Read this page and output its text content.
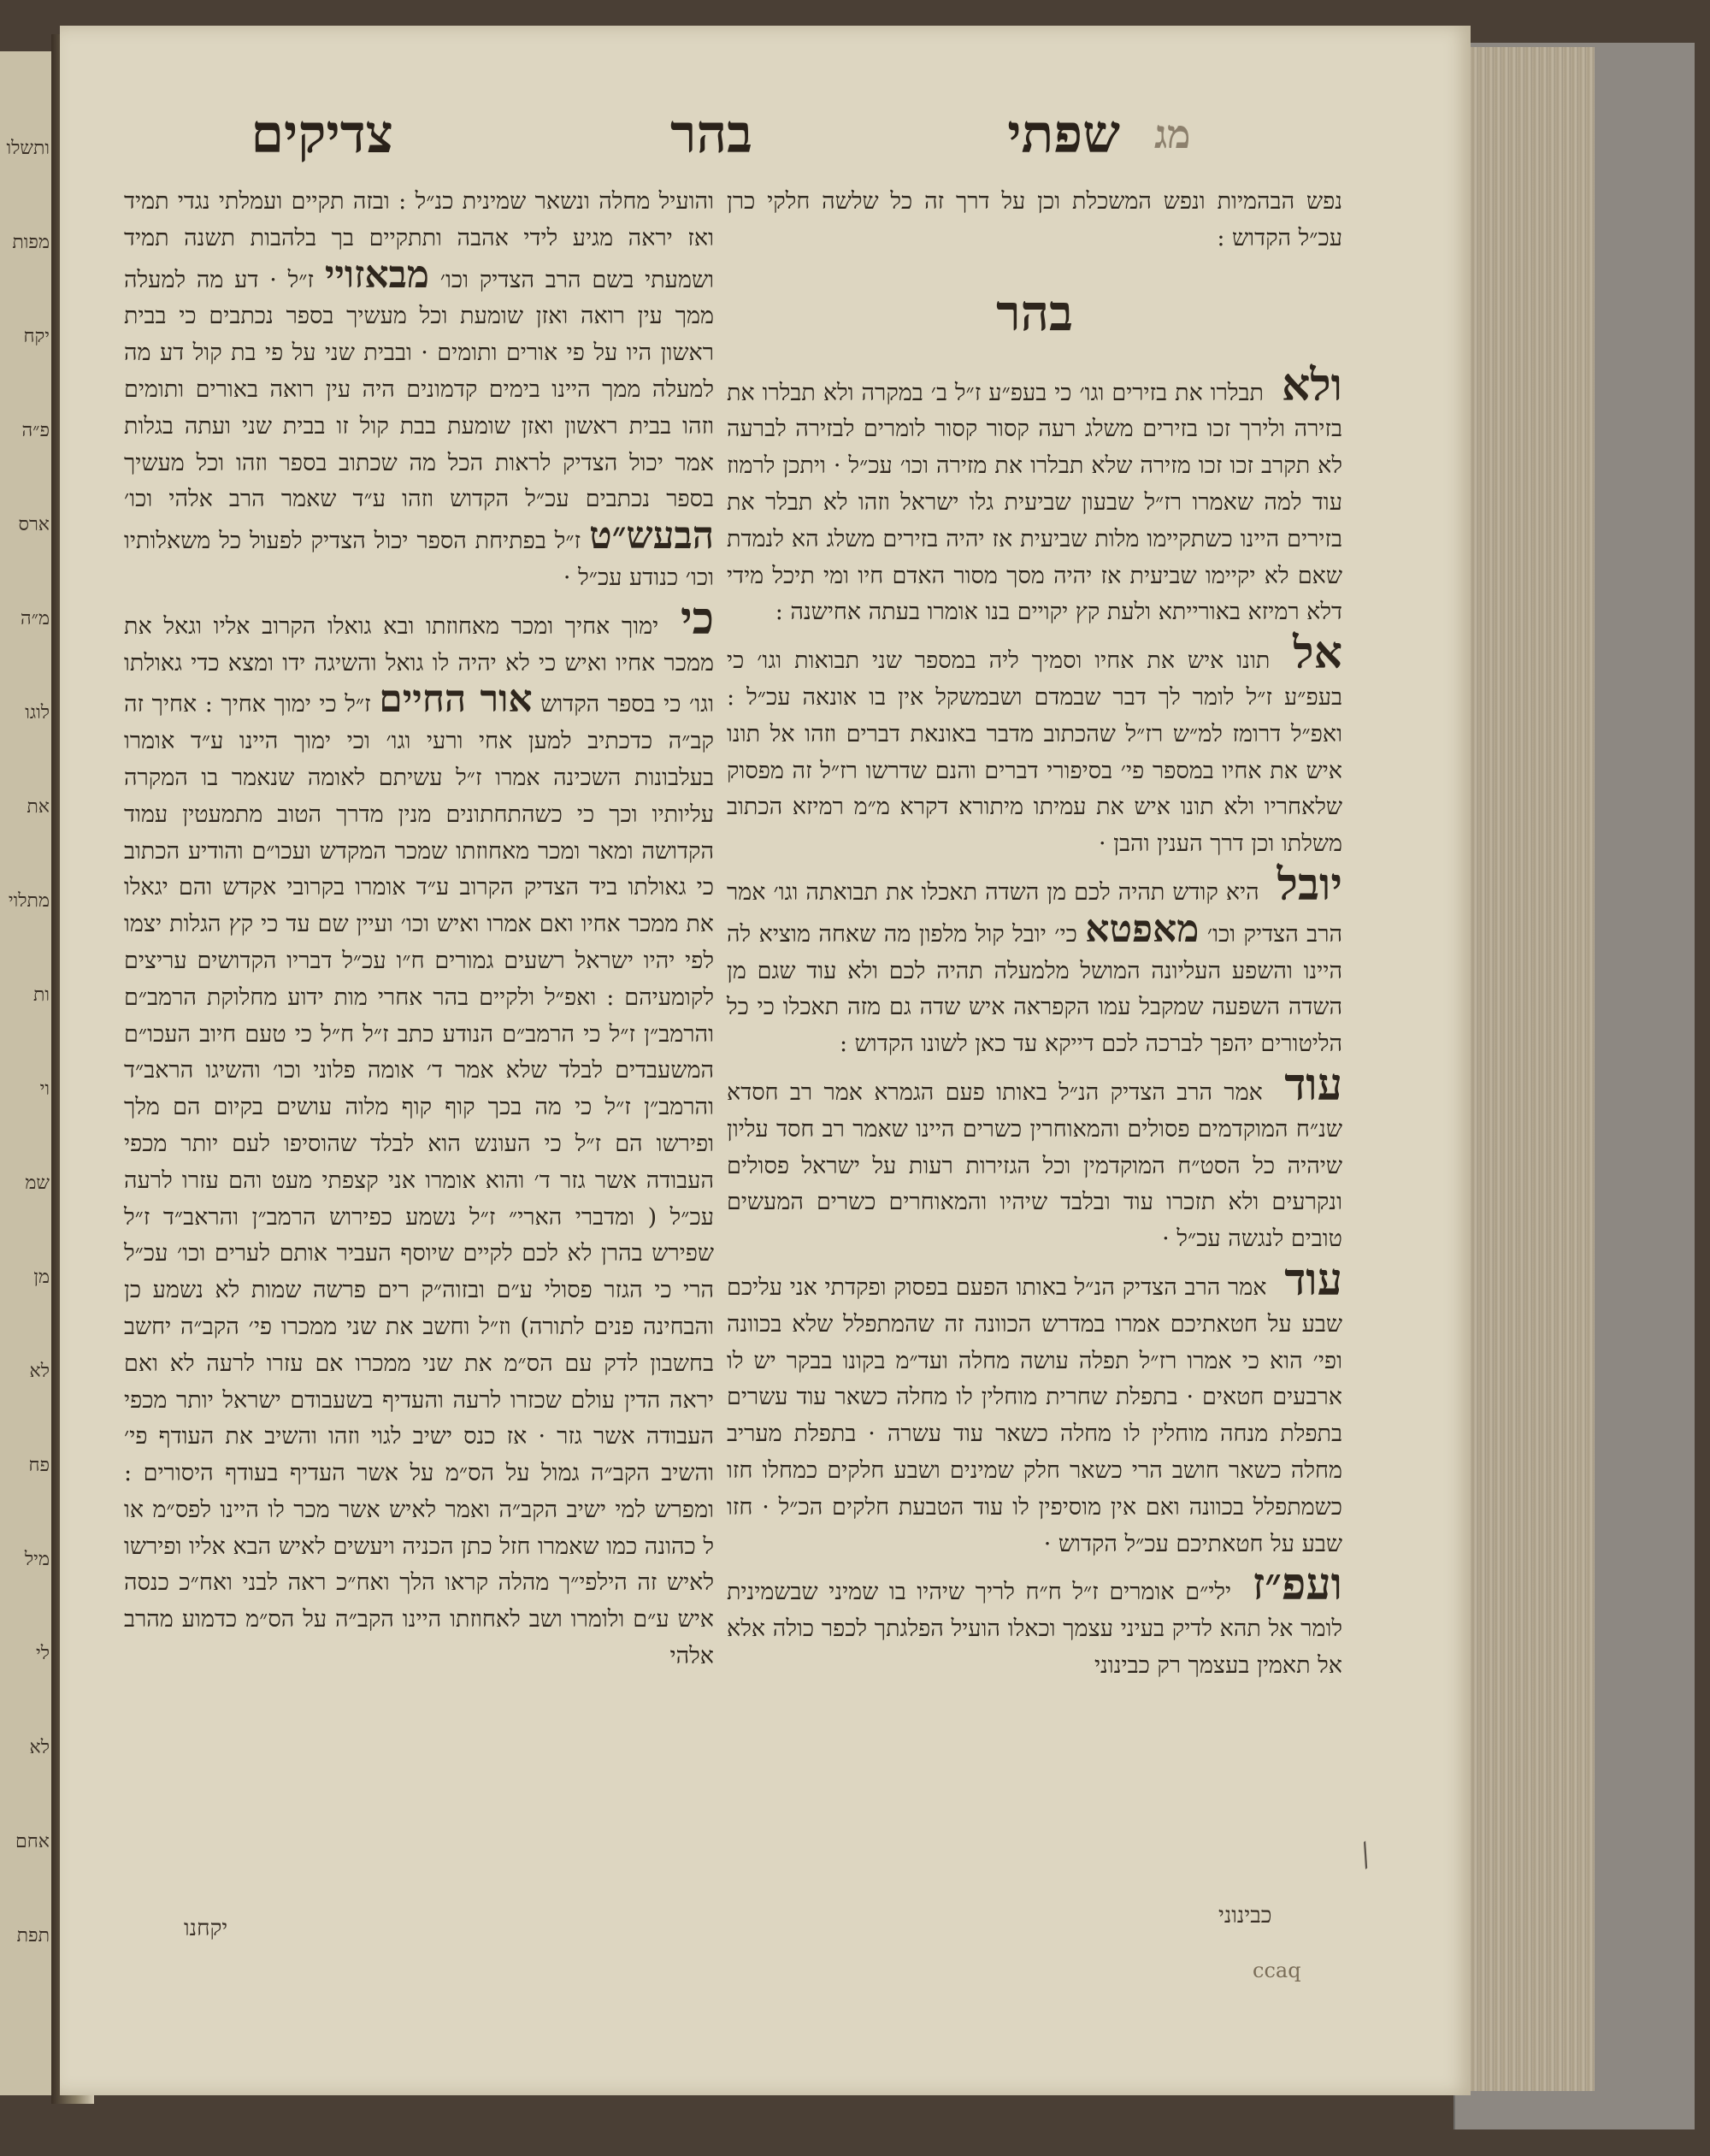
ותשלו
מפות
יקח
פ״ה
ארס
מ״ה
לוגו
את
מתלוי
ות
וי
שמ
מן
לא
פח
מיל
לי
לא
אחם
תפת
שפתי
בהר
צדיקים	מג

נפש הבהמיות ונפש המשכלת וכן על דרך זה כל שלשה חלקי כרן עכ״ל הקדוש :

בהר

ולא תבלרו את בזירים וגו׳ כי בעפ״ע ז״ל ב׳ במקרה ולא תבלרו את בזירה ולירך זכו בזירים משלג רעה קסור קסור לומרים לבזירה לברעה לא תקרב זכו זכו מזירה שלא תבלרו את מזירה וכו׳ עכ״ל · ויתכן לרמוז עוד למה שאמרו רז״ל שבעון שביעית גלו ישראל וזהו לא תבלר את בזירים היינו כשתקיימו מלות שביעית אז יהיה בזירים משלג הא לנמדת שאם לא יקיימו שביעית אז יהיה מסך מסור האדם חיו ומי תיכל מידי דלא רמיזא באורייתא ולעת קץ יקויים בנו אומרו בעתה אחישנה :

אל תונו איש את אחיו וסמיך ליה במספר שני תבואות וגו׳ כי בעפ״ע ז״ל לומר לך דבר שבמדם ושבמשקל אין בו אונאה עכ״ל : ואפ״ל דרומז למ״ש רז״ל שהכתוב מדבר באונאת דברים וזהו אל תונו איש את אחיו במספר פי׳ בסיפורי דברים והנם שדרשו רז״ל זה מפסוק שלאחריו ולא תונו איש את עמיתו מיתורא דקרא מ״מ רמיזא הכתוב משלתו וכן דרך הענין והבן ·

יובל היא קודש תהיה לכם מן השדה תאכלו את תבואתה וגו׳ אמר הרב הצדיק וכו׳ מאפטא כי׳ יובל קול מלפון מה שאחה מוציא לה היינו והשפע העליונה המושל מלמעלה תהיה לכם ולא עוד שגם מן השדה השפעה שמקבל עמו הקפראה איש שדה גם מזה תאכלו כי כל הליטורים יהפך לברכה לכם דייקא עד כאן לשונו הקדוש :

עוד אמר הרב הצדיק הנ״ל באותו פעם הגמרא אמר רב חסדא שנ״ח המוקדמים פסולים והמאוחרין כשרים היינו שאמר רב חסד עליון שיהיה כל הסט״ח המוקדמין וכל הגזירות רעות על ישראל פסולים ונקרעים ולא תזכרו עוד ובלבד שיהיו והמאוחרים כשרים המעשים טובים לנגשה עכ״ל ·

עוד אמר הרב הצדיק הנ״ל באותו הפעם בפסוק ופקדתי אני עליכם שבע על חטאתיכם אמרו במדרש הכוונה זה שהמתפלל שלא בכוונה ופי׳ הוא כי אמרו רז״ל תפלה עושה מחלה ועד״מ בקונו בבקר יש לו ארבעים חטאים · בתפלת שחרית מוחלין לו מחלה כשאר עוד עשרים בתפלת מנחה מוחלין לו מחלה כשאר עוד עשרה · בתפלת מעריב מחלה כשאר חושב הרי כשאר חלק שמינים ושבע חלקים כמחלו חזו כשמתפלל בכוונה ואם אין מוסיפין לו עוד הטבעת חלקים הכ״ל · חזו שבע על חטאתיכם עכ״ל הקדוש ·

ועפ״ז ילי״ם אומרים ז״ל ח״ח לריך שיהיו בו שמיני שבשמינית לומר אל תהא לדיק בעיני עצמך וכאלו הועיל הפלגתך לכפר כולה אלא אל תאמין בעצמך רק כבינוני

והועיל מחלה ונשאר שמינית כנ״ל : ובזה תקיים ועמלתי נגדי תמיד ואז יראה מגיע לידי אהבה ותתקיים בך בלהבות תשנה תמיד ושמעתי בשם הרב הצדיק וכו׳ מבאזויי ז״ל · דע מה למעלה ממך עין רואה ואזן שומעת וכל מעשיך בספר נכתבים כי בבית ראשון היו על פי אורים ותומים · ובבית שני על פי בת קול דע מה למעלה ממך היינו בימים קדמונים היה עין רואה באורים ותומים וזהו בבית ראשון ואזן שומעת בבת קול זו בבית שני ועתה בגלות אמר יכול הצדיק לראות הכל מה שכתוב בספר וזהו וכל מעשיך בספר נכתבים עכ״ל הקדוש וזהו ע״ד שאמר הרב אלהי וכו׳ הבעש״ט ז״ל בפתיחת הספר יכול הצדיק לפעול כל משאלותיו וכו׳ כנודע עכ״ל ·

כי ימוך אחיך ומכר מאחוזתו ובא גואלו הקרוב אליו וגאל את ממכר אחיו ואיש כי לא יהיה לו גואל והשיגה ידו ומצא כדי גאולתו וגו׳ כי בספר הקדוש אור החיים ז״ל כי ימוך אחיך : אחיך זה קב״ה כדכתיב למען אחי ורעי וגו׳ וכי ימוך היינו ע״ד אומרו בעלבונות השכינה אמרו ז״ל עשיתם לאומה שנאמר בו המקרה עליותיו וכך כי כשהתחתונים מנין מדרך הטוב מתמעטין עמוד הקדושה ומאר ומכר מאחוזתו שמכר המקדש ועכו״ם והודיע הכתוב כי גאולתו ביד הצדיק הקרוב ע״ד אומרו בקרובי אקדש והם יגאלו את ממכר אחיו ואם אמרו ואיש וכו׳ ועיין שם עד כי קץ הגלות יצמו לפי יהיו ישראל רשעים גמורים ח״ו עכ״ל דבריו הקדושים עריצים לקומעיהם : ואפ״ל ולקיים בהר אחרי מות ידוע מחלוקת הרמב״ם והרמב״ן ז״ל כי הרמב״ם הנודע כתב ז״ל ח״ל כי טעם חיוב העכו״ם המשעבדים לבלד שלא אמר ד׳ אומה פלוני וכו׳ והשיגו הראב״ד והרמב״ן ז״ל כי מה בכך קוף קוף מלוה עושים בקיום הם מלך ופירשו הם ז״ל כי העונש הוא לבלד שהוסיפו לעם יותר מכפי העבודה אשר גזר ד׳ והוא אומרו אני קצפתי מעט והם עזרו לרעה עכ״ל ( ומדברי הארי״ ז״ל נשמע כפירוש הרמב״ן והראב״ד ז״ל שפירש בהרן לא לכם לקיים שיוסף העביר אותם לערים וכו׳ עכ״ל הרי כי הגזר פסולי ע״ם ובזוה״ק רים פרשה שמות לא נשמע כן והבחינה פנים לתורה) וז״ל וחשב את שני ממכרו פי׳ הקב״ה יחשב בחשבון לדק עם הס״מ את שני ממכרו אם עזרו לרעה לא ואם יראה הדין עולם שכזרו לרעה והעדיף בשעבודם ישראל יותר מכפי העבודה אשר גזר · אז כנס ישיב לגוי וזהו והשיב את העודף פי׳ והשיב הקב״ה גמול על הס״מ על אשר העדיף בעודף היסורים : ומפרש למי ישיב הקב״ה ואמר לאיש אשר מכר לו היינו לפס״מ או ל כהונה כמו שאמרו חזל כתן הכניה ויעשים לאיש הבא אליו ופירשו לאיש זה הילפי״ך מהלה קראו הלך ואח״כ ראה לבני ואח״כ כנסה איש ע״ם ולומרו ושב לאחוזתו היינו הקב״ה על הס״מ כדמוע מהרב אלהי

יקחנו	כבינוני
ccaq
⁄
